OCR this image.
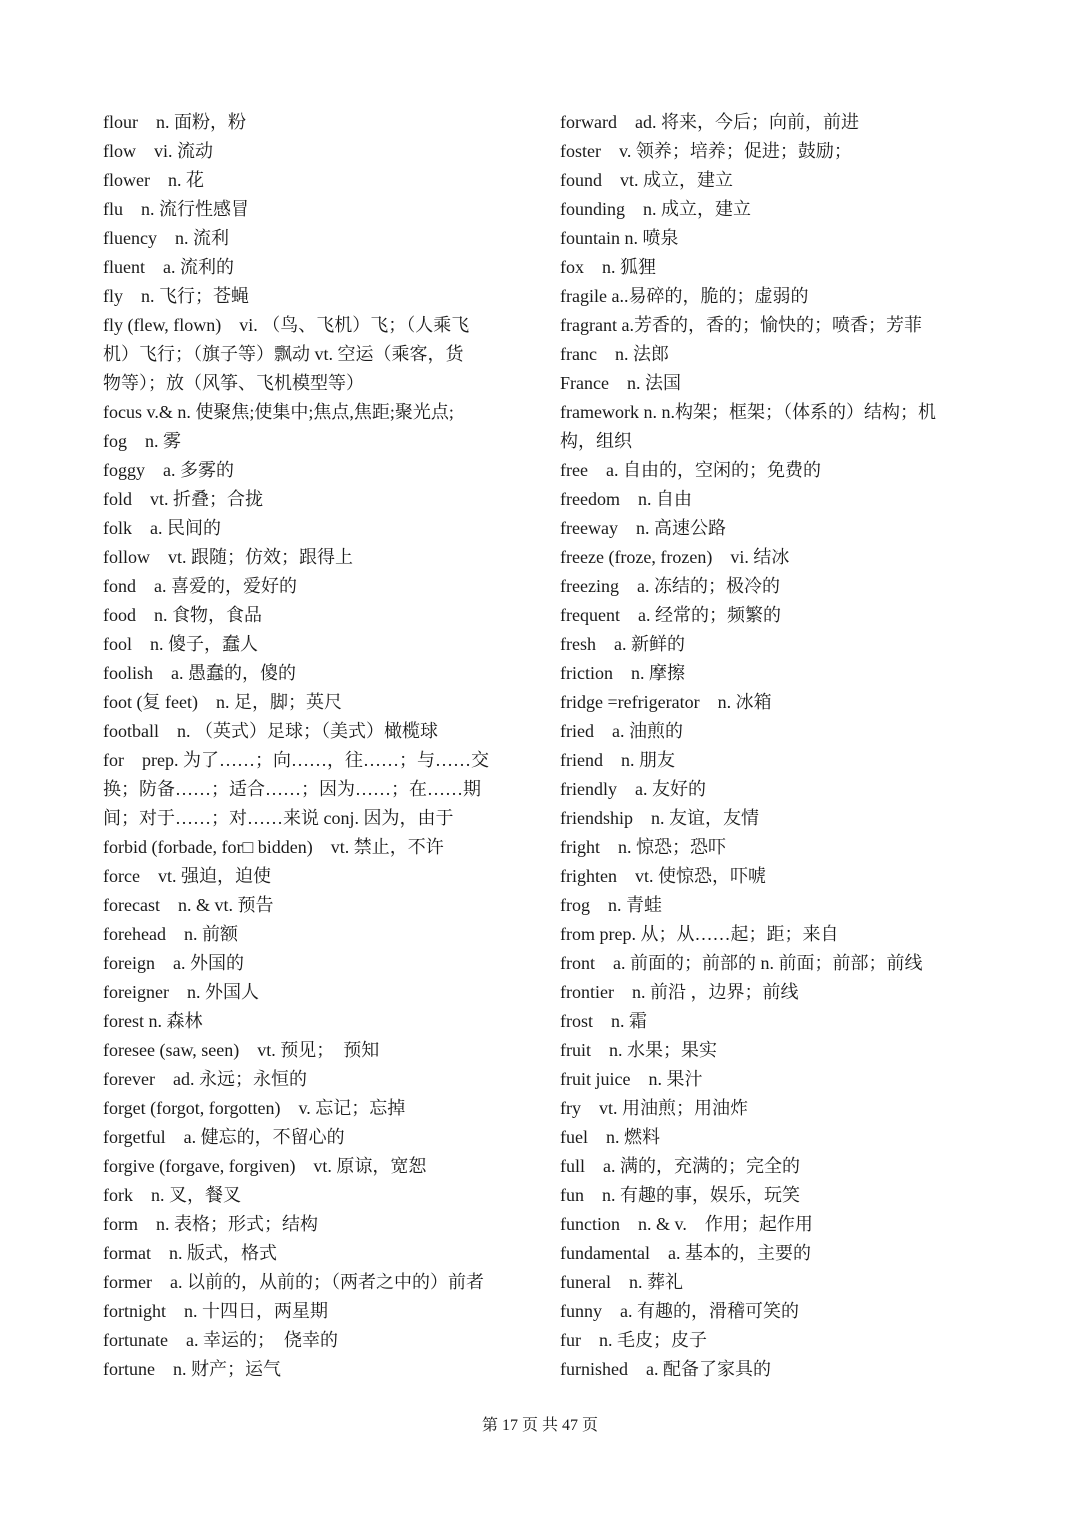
flour　n. 面粉，粉
flow　vi. 流动
flower　n. 花
flu　n. 流行性感冒
fluency　n. 流利
fluent　a. 流利的
fly　n. 飞行；苍蝇
fly (flew, flown)　vi. （鸟、飞机）飞；（人乘飞
机）飞行；（旗子等）飘动 vt. 空运（乘客，货
物等）；放（风筝、飞机模型等）
focus v.& n. 使聚焦;使集中;焦点,焦距;聚光点;
fog　n. 雾
foggy　a. 多雾的
fold　vt. 折叠；合拢
folk　a. 民间的
follow　vt. 跟随；仿效；跟得上
fond　a. 喜爱的，爱好的
food　n. 食物，食品
fool　n. 傻子，蠢人
foolish　a. 愚蠢的，傻的
foot (复 feet)　n. 足，脚；英尺
football　n. （英式）足球；（美式）橄榄球
for　prep. 为了……；向……，往……；与……交
换；防备……；适合……；因为……；在……期
间；对于……；对……来说 conj. 因为，由于
forbid (forbade, for□ bidden)　vt. 禁止，不许
force　vt. 强迫，迫使
forecast　n. & vt. 预告
forehead　n. 前额
foreign　a. 外国的
foreigner　n. 外国人
forest n. 森林
foresee (saw, seen)　vt. 预见；　预知
forever　ad. 永远；永恒的
forget (forgot, forgotten)　v. 忘记；忘掉
forgetful　a. 健忘的，不留心的
forgive (forgave, forgiven)　vt. 原谅，宽恕
fork　n. 叉，餐叉
form　n. 表格；形式；结构
format　n. 版式，格式
former　a. 以前的，从前的；（两者之中的）前者
fortnight　n. 十四日，两星期
fortunate　a. 幸运的；　侥幸的
fortune　n. 财产；运气
forward　ad. 将来，今后；向前，前进
foster　v. 领养；培养；促进；鼓励；
found　vt. 成立，建立
founding　n. 成立，建立
fountain n. 喷泉
fox　n. 狐狸
fragile a..易碎的，脆的；虚弱的
fragrant a.芳香的，香的；愉快的；喷香；芳菲
franc　n. 法郎
France　n. 法国
framework n. n.构架；框架；（体系的）结构；机
构，组织
free　a. 自由的，空闲的；免费的
freedom　n. 自由
freeway　n. 高速公路
freeze (froze, frozen)　vi. 结冰
freezing　a. 冻结的；极冷的
frequent　a. 经常的；频繁的
fresh　a. 新鲜的
friction　n. 摩擦
fridge =refrigerator　n. 冰箱
fried　a. 油煎的
friend　n. 朋友
friendly　a. 友好的
friendship　n. 友谊，友情
fright　n. 惊恐；恐吓
frighten　vt. 使惊恐，吓唬
frog　n. 青蛙
from prep. 从；从……起；距；来自
front　a. 前面的；前部的 n. 前面；前部；前线
frontier　n. 前沿 ，边界；前线
frost　n. 霜
fruit　n. 水果；果实
fruit juice　n. 果汁
fry　vt. 用油煎；用油炸
fuel　n. 燃料
full　a. 满的，充满的；完全的
fun　n. 有趣的事，娱乐，玩笑
function　n. & v.　作用；起作用
fundamental　a. 基本的，主要的
funeral　n. 葬礼
funny　a. 有趣的，滑稽可笑的
fur　n. 毛皮；皮子
furnished　a. 配备了家具的
第 17 页 共 47 页
